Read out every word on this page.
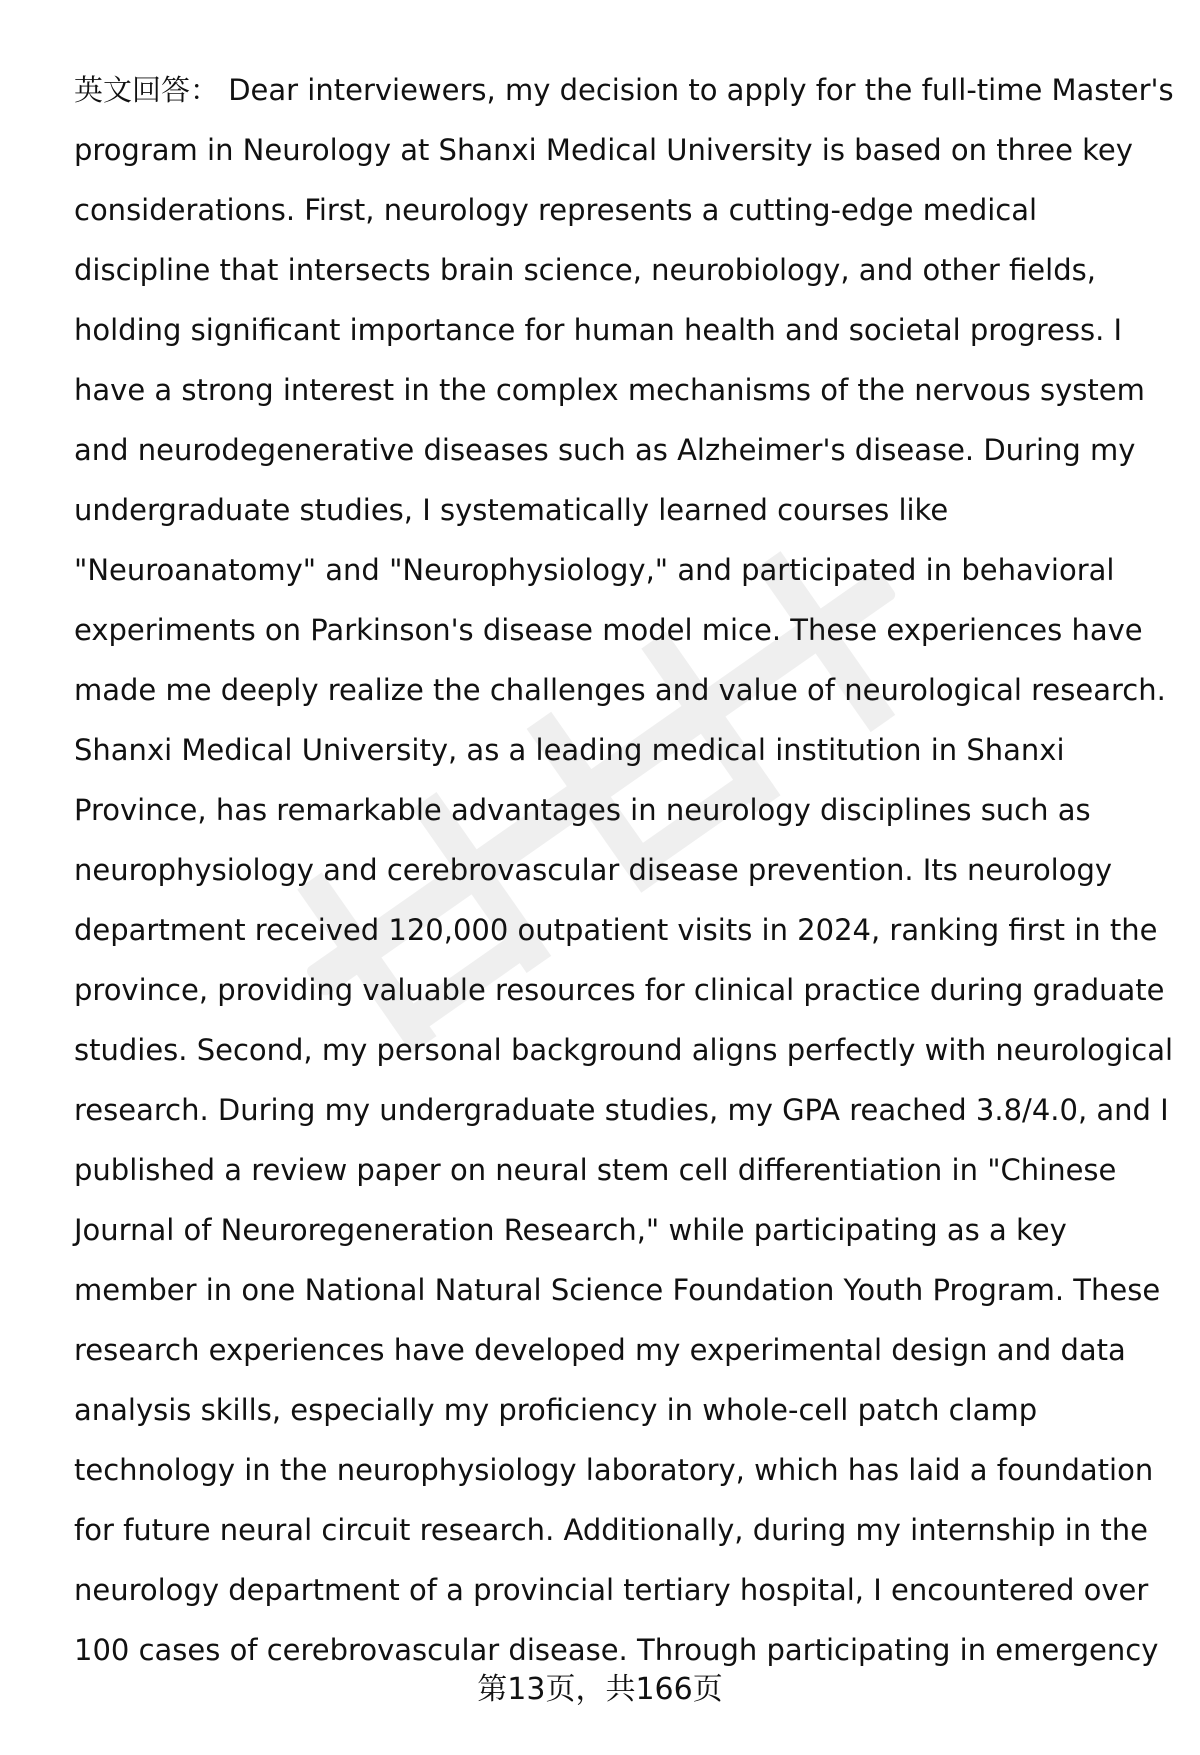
英文回答： Dear interviewers, my decision to apply for the full-time Master's
program in Neurology at Shanxi Medical University is based on three key
considerations. First, neurology represents a cutting-edge medical
discipline that intersects brain science, neurobiology, and other fields,
holding significant importance for human health and societal progress. I
have a strong interest in the complex mechanisms of the nervous system
and neurodegenerative diseases such as Alzheimer's disease. During my
undergraduate studies, I systematically learned courses like
"Neuroanatomy" and "Neurophysiology," and participated in behavioral
experiments on Parkinson's disease model mice. These experiences have
made me deeply realize the challenges and value of neurological research.
Shanxi Medical University, as a leading medical institution in Shanxi
Province, has remarkable advantages in neurology disciplines such as
neurophysiology and cerebrovascular disease prevention. Its neurology
department received 120,000 outpatient visits in 2024, ranking first in the
province, providing valuable resources for clinical practice during graduate
studies. Second, my personal background aligns perfectly with neurological
research. During my undergraduate studies, my GPA reached 3.8/4.0, and I
published a review paper on neural stem cell differentiation in "Chinese
Journal of Neuroregeneration Research," while participating as a key
member in one National Natural Science Foundation Youth Program. These
research experiences have developed my experimental design and data
analysis skills, especially my proficiency in whole-cell patch clamp
technology in the neurophysiology laboratory, which has laid a foundation
for future neural circuit research. Additionally, during my internship in the
neurology department of a provincial tertiary hospital, I encountered over
100 cases of cerebrovascular disease. Through participating in emergency
第13页，共166页
